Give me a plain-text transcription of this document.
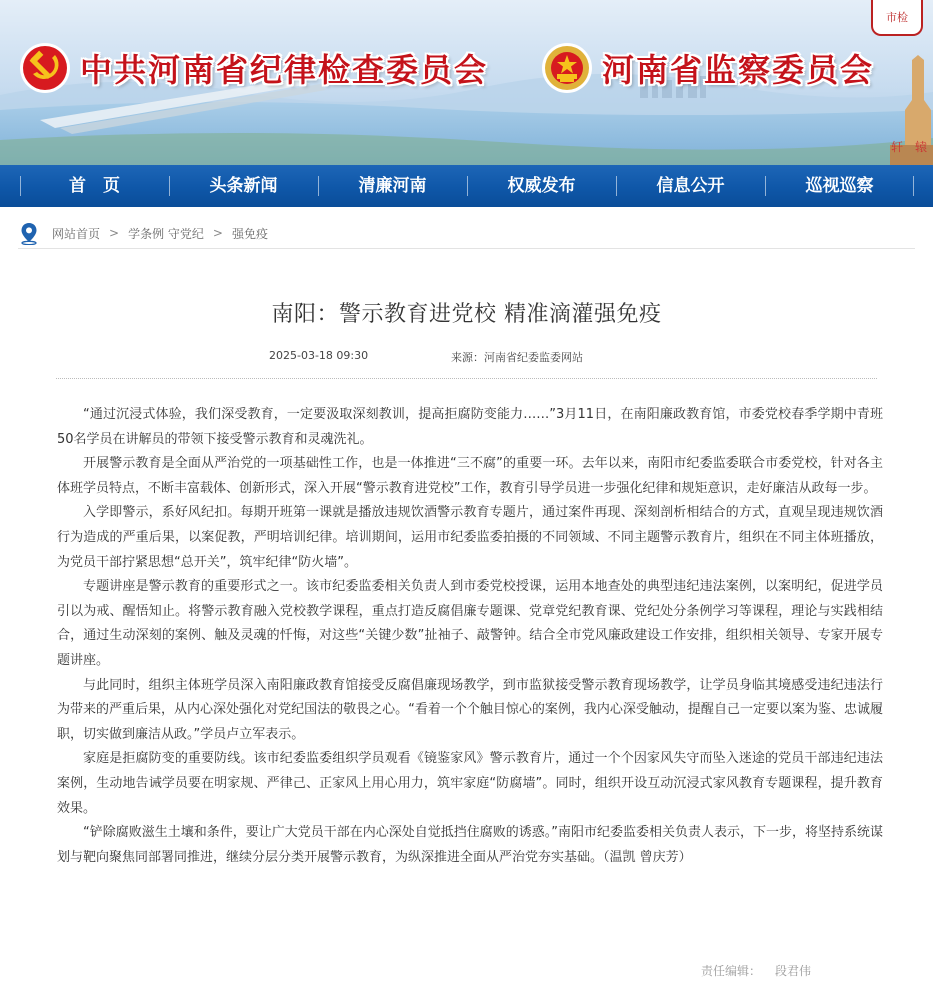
市检
中共河南省纪律检查委员会	河南省监察委员会
轩 辕
首　页	头条新闻	清廉河南	权威发布	信息公开	巡视巡察
网站首页 > 学条例 守党纪 > 强免疫
南阳：警示教育进党校 精准滴灌强免疫
2025-03-18 09:30	来源：河南省纪委监委网站

“通过沉浸式体验，我们深受教育，一定要汲取深刻教训，提高拒腐防变能力……”3月11日，在南阳廉政教育馆，市委党校春季学期中青班50名学员在讲解员的带领下接受警示教育和灵魂洗礼。

开展警示教育是全面从严治党的一项基础性工作，也是一体推进“三不腐”的重要一环。去年以来，南阳市纪委监委联合市委党校，针对各主体班学员特点，不断丰富载体、创新形式，深入开展“警示教育进党校”工作，教育引导学员进一步强化纪律和规矩意识，走好廉洁从政每一步。

入学即警示，系好风纪扣。每期开班第一课就是播放违规饮酒警示教育专题片，通过案件再现、深刻剖析相结合的方式，直观呈现违规饮酒行为造成的严重后果，以案促教，严明培训纪律。培训期间，运用市纪委监委拍摄的不同领域、不同主题警示教育片，组织在不同主体班播放，为党员干部拧紧思想“总开关”，筑牢纪律“防火墙”。

专题讲座是警示教育的重要形式之一。该市纪委监委相关负责人到市委党校授课，运用本地查处的典型违纪违法案例，以案明纪，促进学员引以为戒、醒悟知止。将警示教育融入党校教学课程，重点打造反腐倡廉专题课、党章党纪教育课、党纪处分条例学习等课程，理论与实践相结合，通过生动深刻的案例、触及灵魂的忏悔，对这些“关键少数”扯袖子、敲警钟。结合全市党风廉政建设工作安排，组织相关领导、专家开展专题讲座。

与此同时，组织主体班学员深入南阳廉政教育馆接受反腐倡廉现场教学，到市监狱接受警示教育现场教学，让学员身临其境感受违纪违法行为带来的严重后果，从内心深处强化对党纪国法的敬畏之心。“看着一个个触目惊心的案例，我内心深受触动，提醒自己一定要以案为鉴、忠诚履职，切实做到廉洁从政。”学员卢立军表示。

家庭是拒腐防变的重要防线。该市纪委监委组织学员观看《镜鉴家风》警示教育片，通过一个个因家风失守而坠入迷途的党员干部违纪违法案例，生动地告诫学员要在明家规、严律己、正家风上用心用力，筑牢家庭“防腐墙”。同时，组织开设互动沉浸式家风教育专题课程，提升教育效果。

“铲除腐败滋生土壤和条件，要让广大党员干部在内心深处自觉抵挡住腐败的诱惑。”南阳市纪委监委相关负责人表示，下一步，将坚持系统谋划与靶向聚焦同部署同推进，继续分层分类开展警示教育，为纵深推进全面从严治党夯实基础。（温凯 曾庆芳）

责任编辑： 段君伟
